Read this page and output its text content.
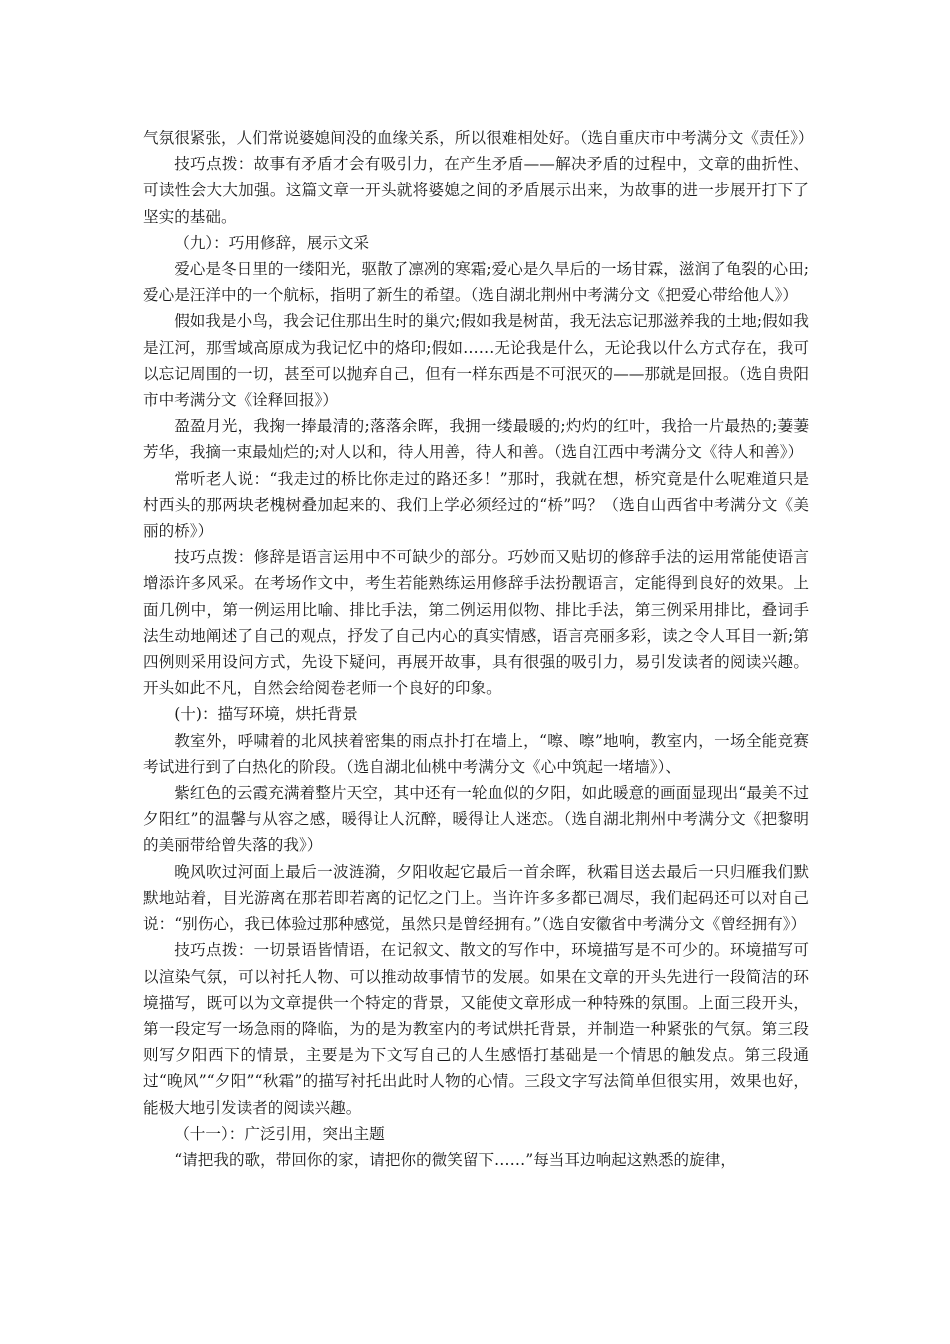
气氛很紧张，人们常说婆媳间没的血缘关系，所以很难相处好。（选自重庆市中考满分文《责任》）

技巧点拨：故事有矛盾才会有吸引力，在产生矛盾——解决矛盾的过程中，文章的曲折性、可读性会大大加强。这篇文章一开头就将婆媳之间的矛盾展示出来，为故事的进一步展开打下了坚实的基础。

（九）：巧用修辞，展示文采

爱心是冬日里的一缕阳光，驱散了凛冽的寒霜;爱心是久旱后的一场甘霖，滋润了龟裂的心田;爱心是汪洋中的一个航标，指明了新生的希望。（选自湖北荆州中考满分文《把爱心带给他人》）

假如我是小鸟，我会记住那出生时的巢穴;假如我是树苗，我无法忘记那滋养我的土地;假如我是江河，那雪域高原成为我记忆中的烙印;假如……无论我是什么，无论我以什么方式存在，我可以忘记周围的一切，甚至可以抛弃自己，但有一样东西是不可泯灭的——那就是回报。（选自贵阳市中考满分文《诠释回报》）

盈盈月光，我掬一捧最清的;落落余晖，我拥一缕最暖的;灼灼的红叶，我拾一片最热的;萋萋芳华，我摘一束最灿烂的;对人以和，待人用善，待人和善。（选自江西中考满分文《待人和善》）

常听老人说：“我走过的桥比你走过的路还多！”那时，我就在想，桥究竟是什么呢难道只是村西头的那两块老槐树叠加起来的、我们上学必须经过的“桥”吗？（选自山西省中考满分文《美丽的桥》）

技巧点拨：修辞是语言运用中不可缺少的部分。巧妙而又贴切的修辞手法的运用常能使语言增添许多风采。在考场作文中，考生若能熟练运用修辞手法扮靓语言，定能得到良好的效果。上面几例中，第一例运用比喻、排比手法，第二例运用似物、排比手法，第三例采用排比，叠词手法生动地阐述了自己的观点，抒发了自己内心的真实情感，语言亮丽多彩，读之令人耳目一新;第四例则采用设问方式，先设下疑问，再展开故事，具有很强的吸引力，易引发读者的阅读兴趣。开头如此不凡，自然会给阅卷老师一个良好的印象。

(十)：描写环境，烘托背景

教室外，呼啸着的北风挟着密集的雨点扑打在墙上，“嚓、嚓”地响，教室内，一场全能竞赛考试进行到了白热化的阶段。（选自湖北仙桃中考满分文《心中筑起一堵墙》）、

紫红色的云霞充满着整片天空，其中还有一轮血似的夕阳，如此暖意的画面显现出“最美不过夕阳红”的温馨与从容之感，暖得让人沉醉，暖得让人迷恋。（选自湖北荆州中考满分文《把黎明的美丽带给曾失落的我》）

晚风吹过河面上最后一波涟漪，夕阳收起它最后一首余晖，秋霜目送去最后一只归雁我们默默地站着，目光游离在那若即若离的记忆之门上。当许许多多都已凋尽，我们起码还可以对自己说：“别伤心，我已体验过那种感觉，虽然只是曾经拥有。”（选自安徽省中考满分文《曾经拥有》）

技巧点拨：一切景语皆情语，在记叙文、散文的写作中，环境描写是不可少的。环境描写可以渲染气氛，可以衬托人物、可以推动故事情节的发展。如果在文章的开头先进行一段简洁的环境描写，既可以为文章提供一个特定的背景，又能使文章形成一种特殊的氛围。上面三段开头，第一段定写一场急雨的降临，为的是为教室内的考试烘托背景，并制造一种紧张的气氛。第三段则写夕阳西下的情景，主要是为下文写自己的人生感悟打基础是一个情思的触发点。第三段通过“晚风”“夕阳”“秋霜”的描写衬托出此时人物的心情。三段文字写法简单但很实用，效果也好，能极大地引发读者的阅读兴趣。

（十一）：广泛引用，突出主题

“请把我的歌，带回你的家，请把你的微笑留下……”每当耳边响起这熟悉的旋律，
